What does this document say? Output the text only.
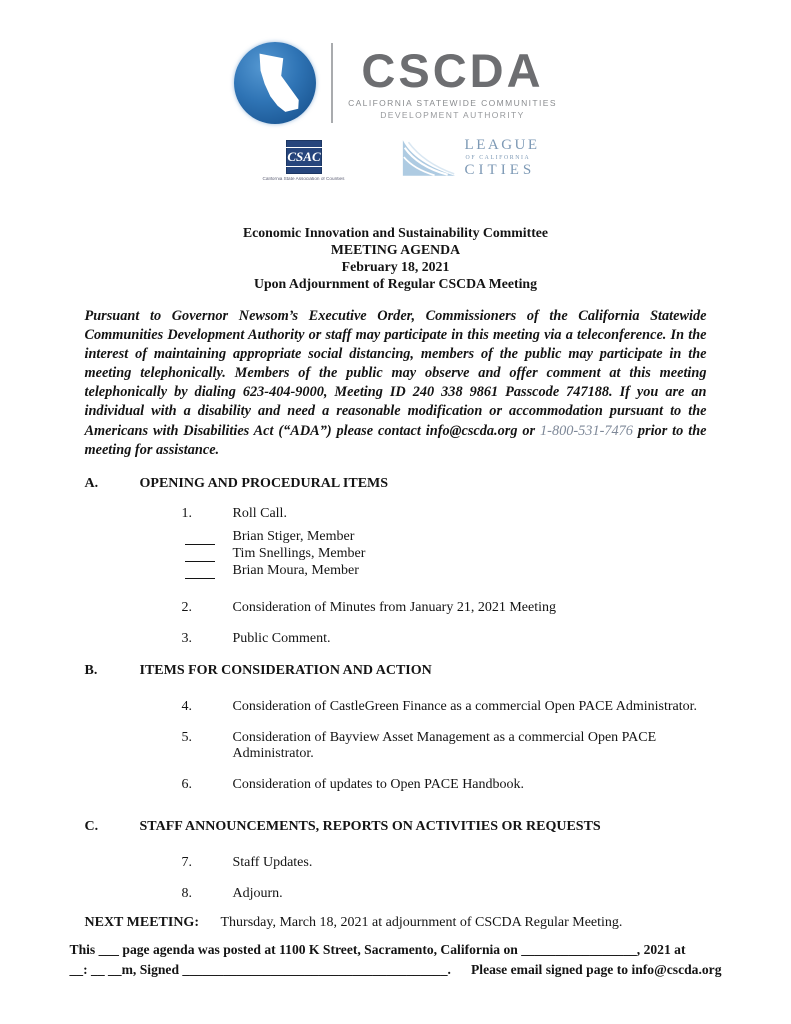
CSCDA
CALIFORNIA STATEWIDE COMMUNITIES
DEVELOPMENT AUTHORITY
CSAC
California State Association of Counties
LEAGUE
OF CALIFORNIA
CITIES
Economic Innovation and Sustainability Committee
MEETING AGENDA
February 18, 2021
Upon Adjournment of Regular CSCDA Meeting

Pursuant to Governor Newsom’s Executive Order, Commissioners of the California Statewide Communities Development Authority or staff may participate in this meeting via a teleconference. In the interest of maintaining appropriate social distancing, members of the public may participate in the meeting telephonically. Members of the public may observe and offer comment at this meeting telephonically by dialing 623-404-9000, Meeting ID 240 338 9861 Passcode 747188. If you are an individual with a disability and need a reasonable modification or accommodation pursuant to the Americans with Disabilities Act (“ADA”) please contact info@cscda.org or 1-800-531-7476 prior to the meeting for assistance.

A.	OPENING AND PROCEDURAL ITEMS
1.	Roll Call.
Brian Stiger, Member
Tim Snellings, Member
Brian Moura, Member
2.	Consideration of Minutes from January 21, 2021 Meeting
3.	Public Comment.
B.	ITEMS FOR CONSIDERATION AND ACTION
4.	Consideration of CastleGreen Finance as a commercial Open PACE Administrator.
5.	Consideration of Bayview Asset Management as a commercial Open PACE Administrator.
6.	Consideration of updates to Open PACE Handbook.
C.	STAFF ANNOUNCEMENTS, REPORTS ON ACTIVITIES OR REQUESTS
7.	Staff Updates.
8.	Adjourn.
NEXT MEETING:	Thursday, March 18, 2021 at adjournment of CSCDA Regular Meeting.
This ___ page agenda was posted at 1100 K Street, Sacramento, California on _________________, 2021 at
__: __ __m, Signed _______________________________________. Please email signed page to info@cscda.org
